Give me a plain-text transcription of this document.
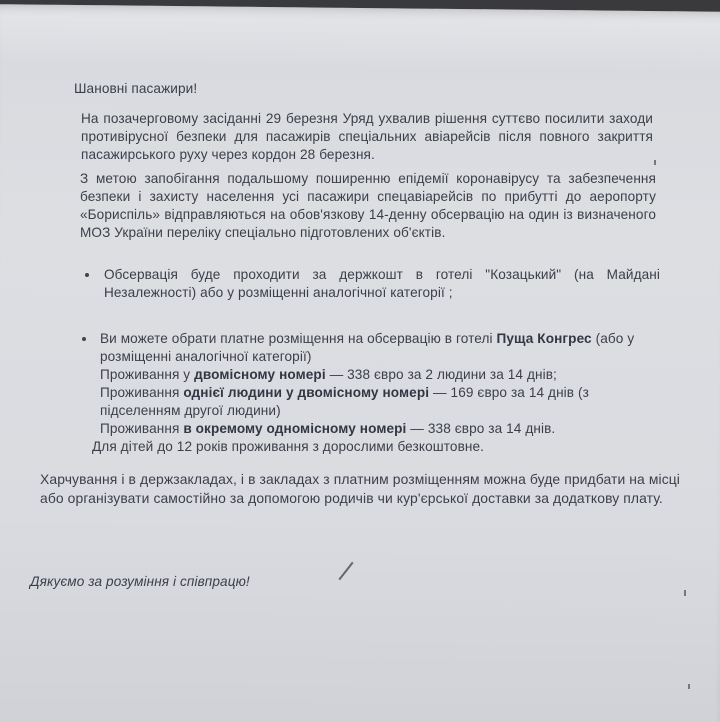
Шановні пасажири!
На позачерговому засіданні 29 березня Уряд ухвалив рішення суттєво посилити заходи противірусної безпеки для пасажирів спеціальних авіарейсів після повного закриття пасажирського руху через кордон 28 березня.
З метою запобігання подальшому поширенню епідемії коронавірусу та забезпечення безпеки і захисту населення усі пасажири спецавіарейсів по прибутті до аеропорту «Бориспіль» відправляються на обов'язкову 14-денну обсервацію на один із визначеного МОЗ України переліку спеціально підготовлених об'єктів.
Обсервація буде проходити за держкошт в готелі "Козацький" (на Майдані Незалежності) або у розміщенні аналогічної категорії ;
Ви можете обрати платне розміщення на обсервацію в готелі Пуща Конгрес (або у розміщенні аналогічної категорії)
Проживання у двомісному номері — 338 євро за 2 людини за 14 днів;
Проживання однієї людини у двомісному номері — 169 євро за 14 днів (з підселенням другої людини)
Проживання в окремому одномісному номері — 338 євро за 14 днів.
Для дітей до 12 років проживання з дорослими безкоштовне.
Харчування і в держзакладах, і в закладах з платним розміщенням можна буде придбати на місці або організувати самостійно за допомогою родичів чи кур'єрської доставки за додаткову плату.
Дякуємо за розуміння і співпрацю!
